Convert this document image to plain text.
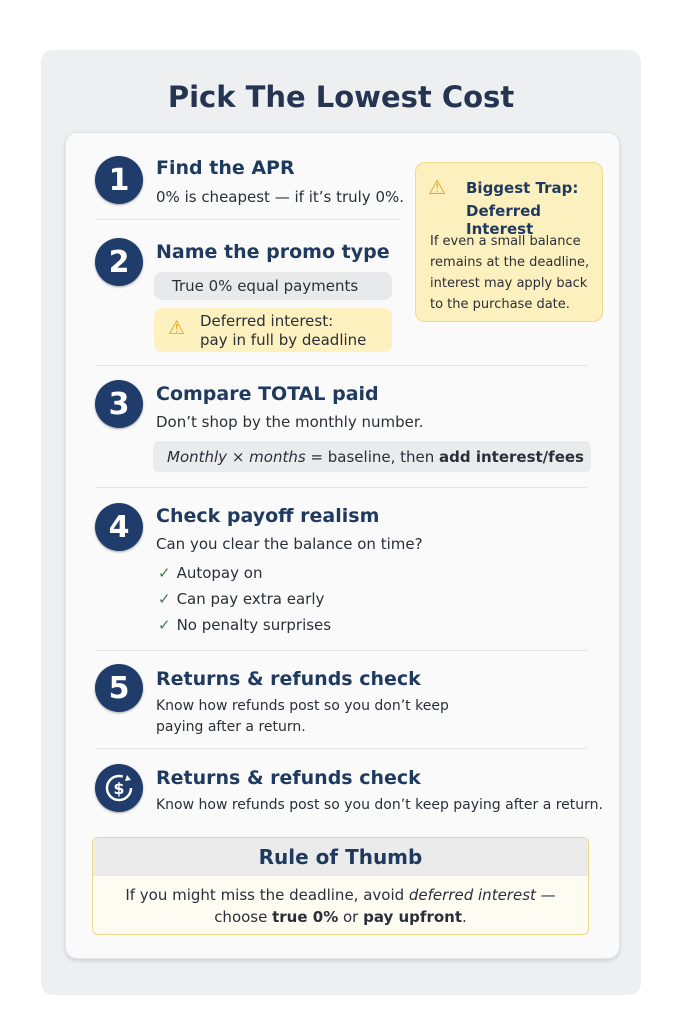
Pick The Lowest Cost
1	Find the APR
0% is cheapest — if it’s truly 0%. ⚠ Biggest Trap:
Deferred Interest
If even a small balance
remains at the deadline,
interest may apply back
to the purchase date.
2	Name the promo type
True 0% equal payments
⚠ Deferred interest:
pay in full by deadline
3	Compare TOTAL paid
Don’t shop by the monthly number.
Monthly × months = baseline, then add interest/fees
4	Check payoff realism
Can you clear the balance on time?
✓ Autopay on
✓ Can pay extra early
✓ No penalty surprises
5	Returns & refunds check
Know how refunds post so you don’t keep
paying after a return.
$ Returns & refunds check
Know how refunds post so you don’t keep paying after a return.
Rule of Thumb
If you might miss the deadline, avoid deferred interest —
choose true 0% or pay upfront.
